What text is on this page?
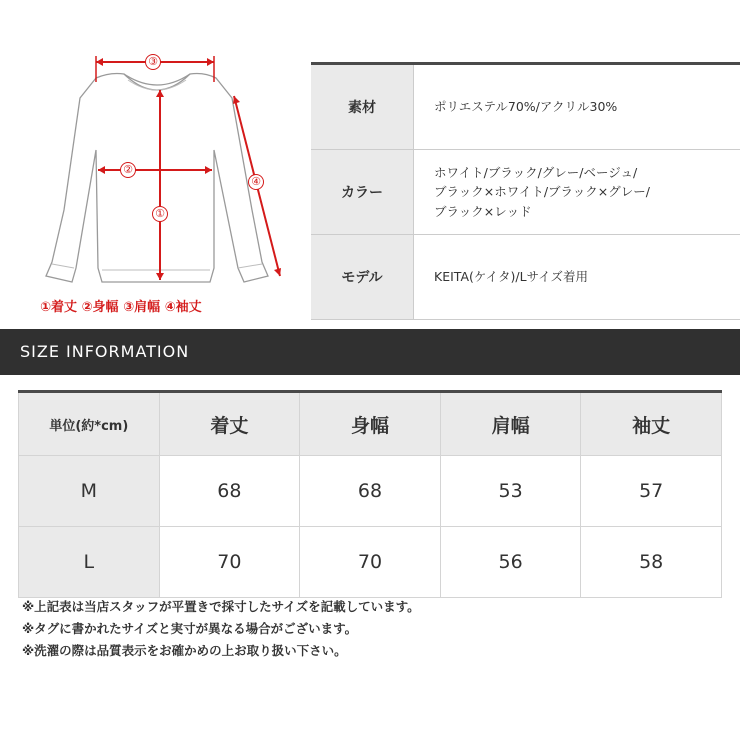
③
②
①
④
①着丈 ②身幅 ③肩幅 ④袖丈
素材	ポリエステル70%/アクリル30%
カラー
ホワイト/ブラック/グレー/ベージュ/
ブラック×ホワイト/ブラック×グレー/
ブラック×レッド
モデル	KEITA(ケイタ)/Lサイズ着用
SIZE INFORMATION
単位(約*cm)	着丈	身幅	肩幅	袖丈
M	68	68	53	57
L	70	70	56	58
※上記表は当店スタッフが平置きで採寸したサイズを記載しています。
※タグに書かれたサイズと実寸が異なる場合がございます。
※洗濯の際は品質表示をお確かめの上お取り扱い下さい。
